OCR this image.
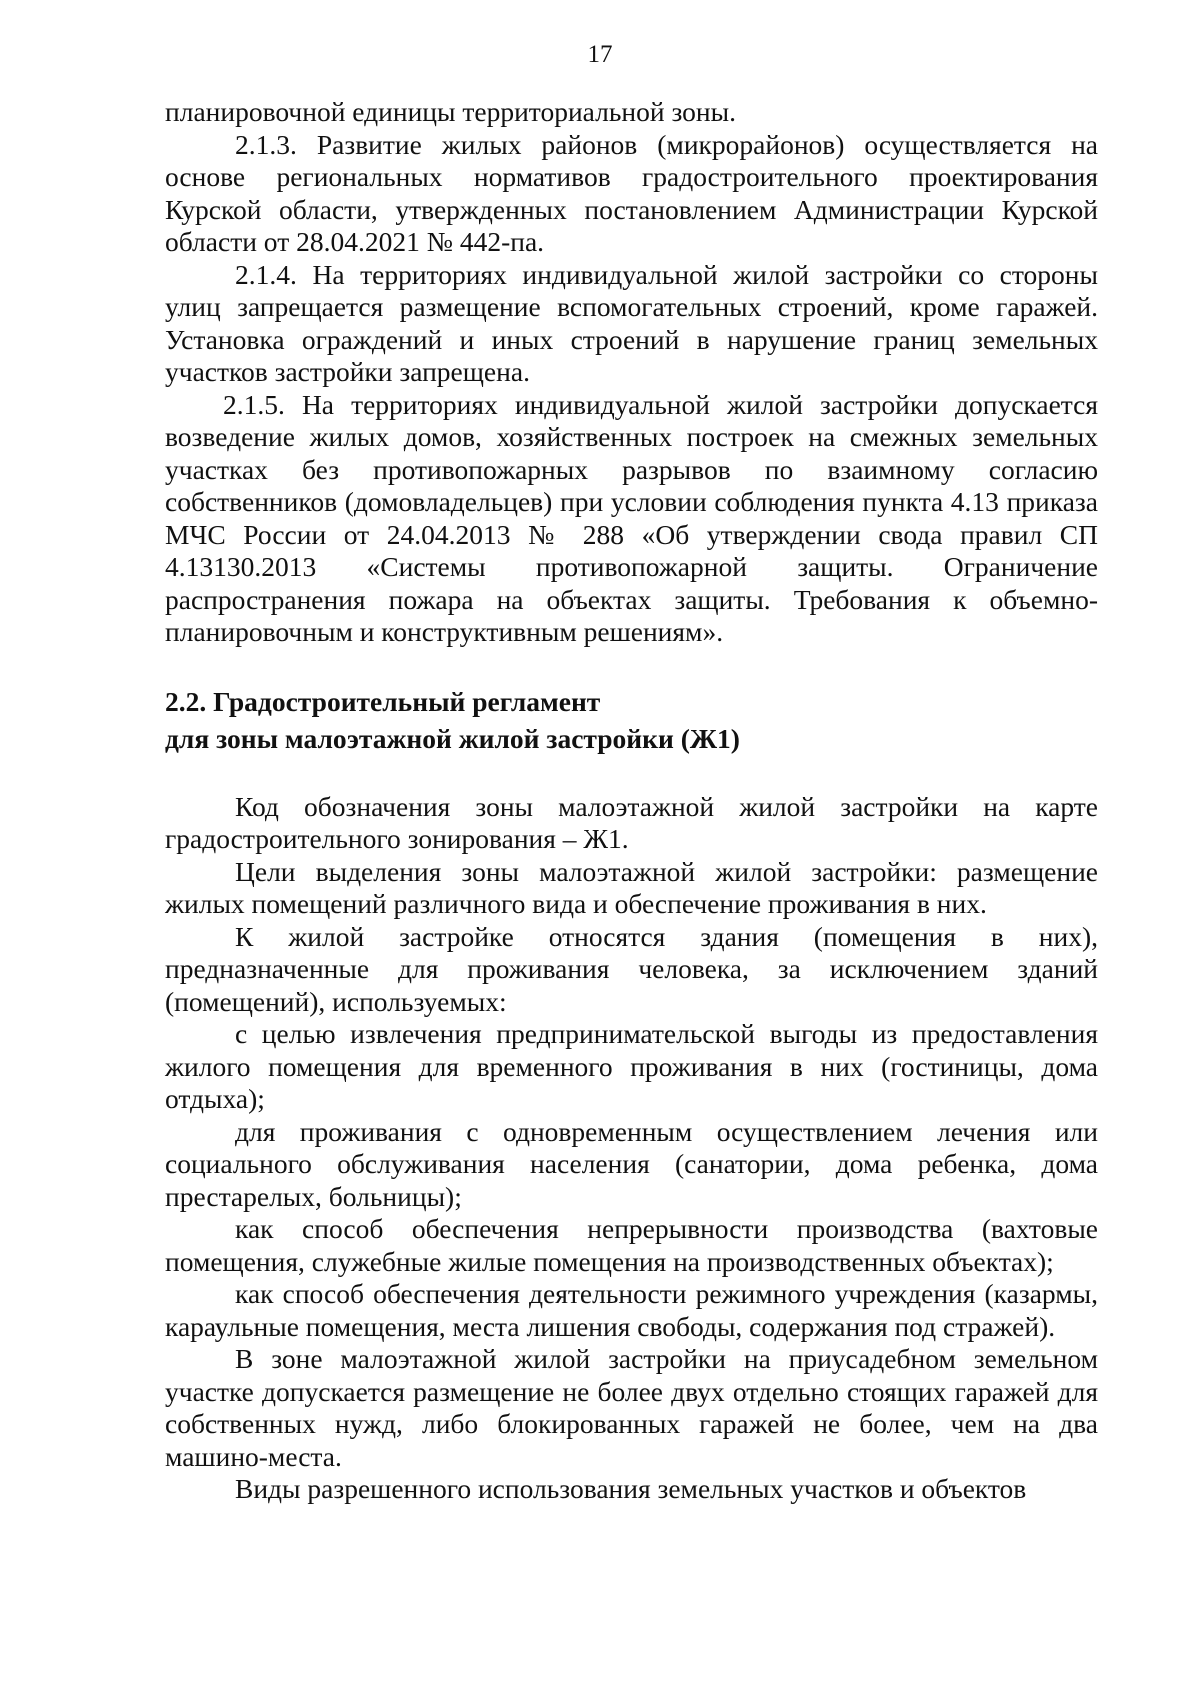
17

планировочной единицы территориальной зоны.

2.1.3. Развитие жилых районов (микрорайонов) осуществляется на основе региональных нормативов градостроительного проектирования Курской области, утвержденных постановлением Администрации Курской области от 28.04.2021 № 442-па.

2.1.4. На территориях индивидуальной жилой застройки со стороны улиц запрещается размещение вспомогательных строений, кроме гаражей. Установка ограждений и иных строений в нарушение границ земельных участков застройки запрещена.

2.1.5. На территориях индивидуальной жилой застройки допускается возведение жилых домов, хозяйственных построек на смежных земельных участках без противопожарных разрывов по взаимному согласию собственников (домовладельцев) при условии соблюдения пункта 4.13 приказа МЧС России от 24.04.2013 № 288 «Об утверждении свода правил СП 4.13130.2013 «Системы противопожарной защиты. Ограничение распространения пожара на объектах защиты. Требования к объемно-планировочным и конструктивным решениям».

2.2. Градостроительный регламент

для зоны малоэтажной жилой застройки (Ж1)

Код обозначения зоны малоэтажной жилой застройки на карте градостроительного зонирования – Ж1.

Цели выделения зоны малоэтажной жилой застройки: размещение жилых помещений различного вида и обеспечение проживания в них.

К жилой застройке относятся здания (помещения в них), предназначенные для проживания человека, за исключением зданий (помещений), используемых:

с целью извлечения предпринимательской выгоды из предоставления жилого помещения для временного проживания в них (гостиницы, дома отдыха);

для проживания с одновременным осуществлением лечения или социального обслуживания населения (санатории, дома ребенка, дома престарелых, больницы);

как способ обеспечения непрерывности производства (вахтовые помещения, служебные жилые помещения на производственных объектах);

как способ обеспечения деятельности режимного учреждения (казармы, караульные помещения, места лишения свободы, содержания под стражей).

В зоне малоэтажной жилой застройки на приусадебном земельном участке допускается размещение не более двух отдельно стоящих гаражей для собственных нужд, либо блокированных гаражей не более, чем на два машино-места.

Виды разрешенного использования земельных участков и объектов
